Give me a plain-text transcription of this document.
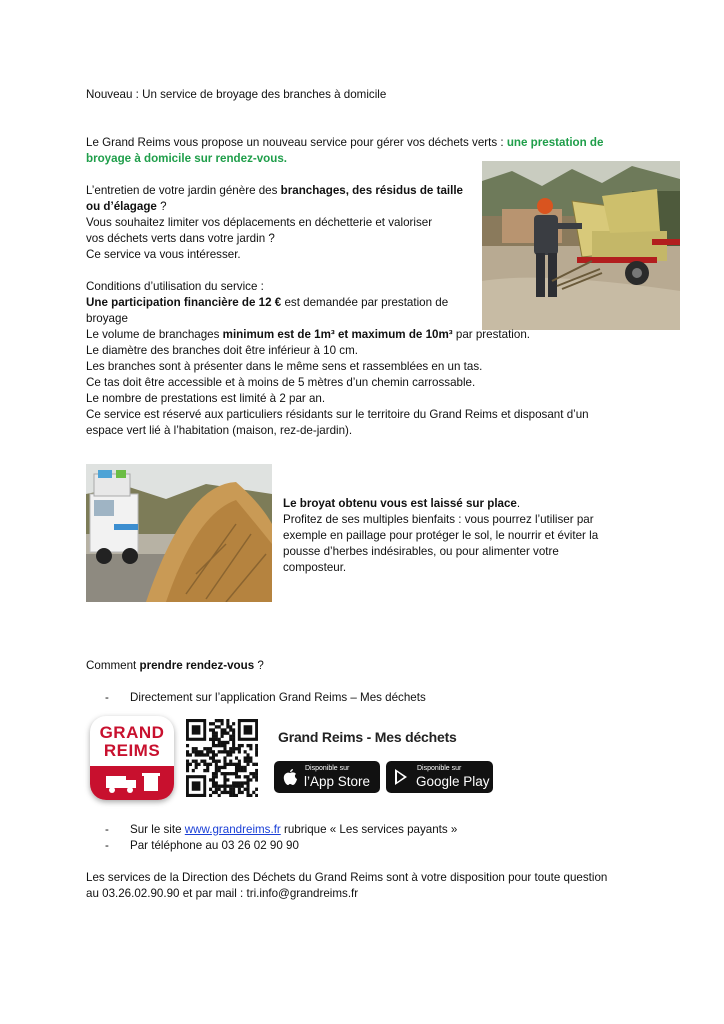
Nouveau : Un service de broyage des branches à domicile

Le Grand Reims vous propose un nouveau service pour gérer vos déchets verts : une prestation de

broyage à domicile sur rendez-vous.

L’entretien de votre jardin génère des branchages, des résidus de taille

ou d’élagage ?

Vous souhaitez limiter vos déplacements en déchetterie et valoriser

vos déchets verts dans votre jardin ?

Ce service va vous intéresser.

Conditions d’utilisation du service :

Une participation financière de 12 € est demandée par prestation de

broyage

Le volume de branchages minimum est de 1m³ et maximum de 10m³ par prestation.

Le diamètre des branches doit être inférieur à 10 cm.

Les branches sont à présenter dans le même sens et rassemblées en un tas.

Ce tas doit être accessible et à moins de 5 mètres d’un chemin carrossable.

Le nombre de prestations est limité à 2 par an.

Ce service est réservé aux particuliers résidants sur le territoire du Grand Reims et disposant d’un

espace vert lié à l’habitation (maison, rez-de-jardin).

Le broyat obtenu vous est laissé sur place.

Profitez de ses multiples bienfaits : vous pourrez l’utiliser par

exemple en paillage pour protéger le sol, le nourrir et éviter la

pousse d’herbes indésirables, ou pour alimenter votre

composteur.

Comment prendre rendez-vous ?

- Directement sur l’application Grand Reims – Mes déchets

GRAND
REIMS
Grand Reims - Mes déchets
Disponible sur
l’App Store
Disponible sur
Google Play
- Sur le site www.grandreims.fr rubrique « Les services payants »

- Par téléphone au 03 26 02 90 90

Les services de la Direction des Déchets du Grand Reims sont à votre disposition pour toute question

au 03.26.02.90.90 et par mail : tri.info@grandreims.fr
